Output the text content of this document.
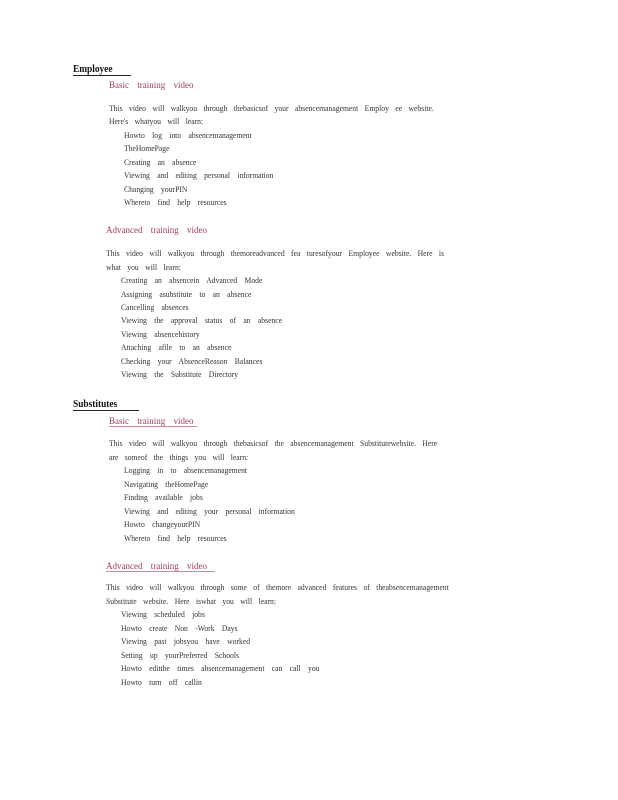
Employee
Basic training video
This video will walkyou through thebasicsof your absencemanagement Employ ee website.
Here's whatyou will learn:
Howto log into absencemanagement
TheHomePage
Creating an absence
Viewing and editing personal information
Changing yourPIN
Whereto find help resources
Advanced training video
This video will walkyou through themoreadvanced fea turesofyour Employee website. Here is
what you will learn:
Creating an absencein Advanced Mode
Assigning asubstitute to an absence
Cancelling absences
Viewing the approval status of an absence
Viewing absencehistory
Attaching afile to an absence
Checking your AbsenceReason Balances
Viewing the Substitute Directory
Substitutes
Basic training video
This video will walkyou through thebasicsof the absencemanagement Substitutewebsite. Here
are someof the things you will learn:
Logging in to absencemanagement
Navigating theHomePage
Finding available jobs
Viewing and editing your personal information
Howto changeyourPIN
Whereto find help resources
Advanced training video
This video will walkyou through some of themore advanced features of theabsencemanagement
Substitute website. Here iswhat you will learn:
Viewing scheduled jobs
Howto create Non -Work Days
Viewing past jobsyou have worked
Setting up yourPreferred Schools
Howto editthe times absencemanagement can call you
Howto turn off callin
